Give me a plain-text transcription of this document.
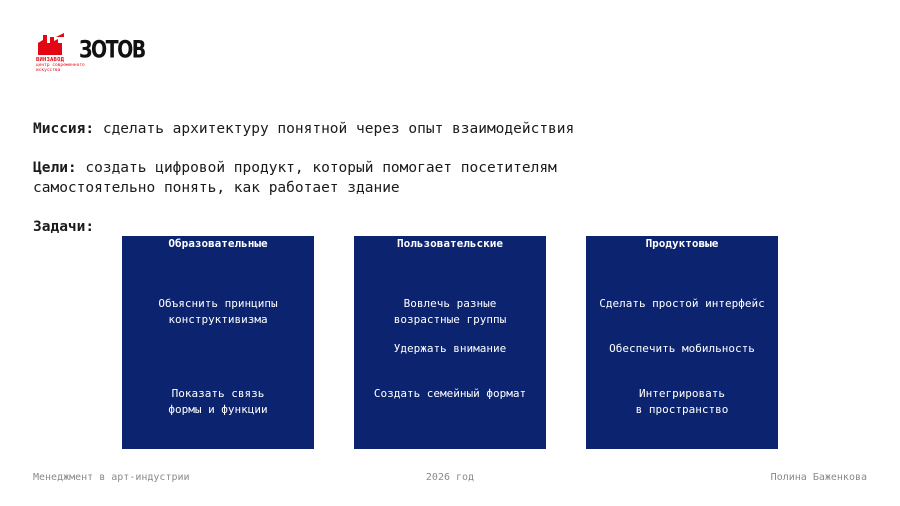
ВИНЗАВОД
центр современного искусства
ЗОТОВ
Миссия: сделать архитектуру понятной через опыт взаимодействия
Цели: создать цифровой продукт, который помогает посетителям
самостоятельно понять, как работает здание
Задачи:
Образовательные
Объяснить принципы
конструктивизма
Показать связь
формы и функции
Пользовательские
Вовлечь разные
возрастные группы
Удержать внимание
Создать семейный формат
Продуктовые
Сделать простой интерфейс
Обеспечить мобильность
Интегрировать
в пространство
Менеджмент в арт-индустрии	2026 год	Полина Баженкова
